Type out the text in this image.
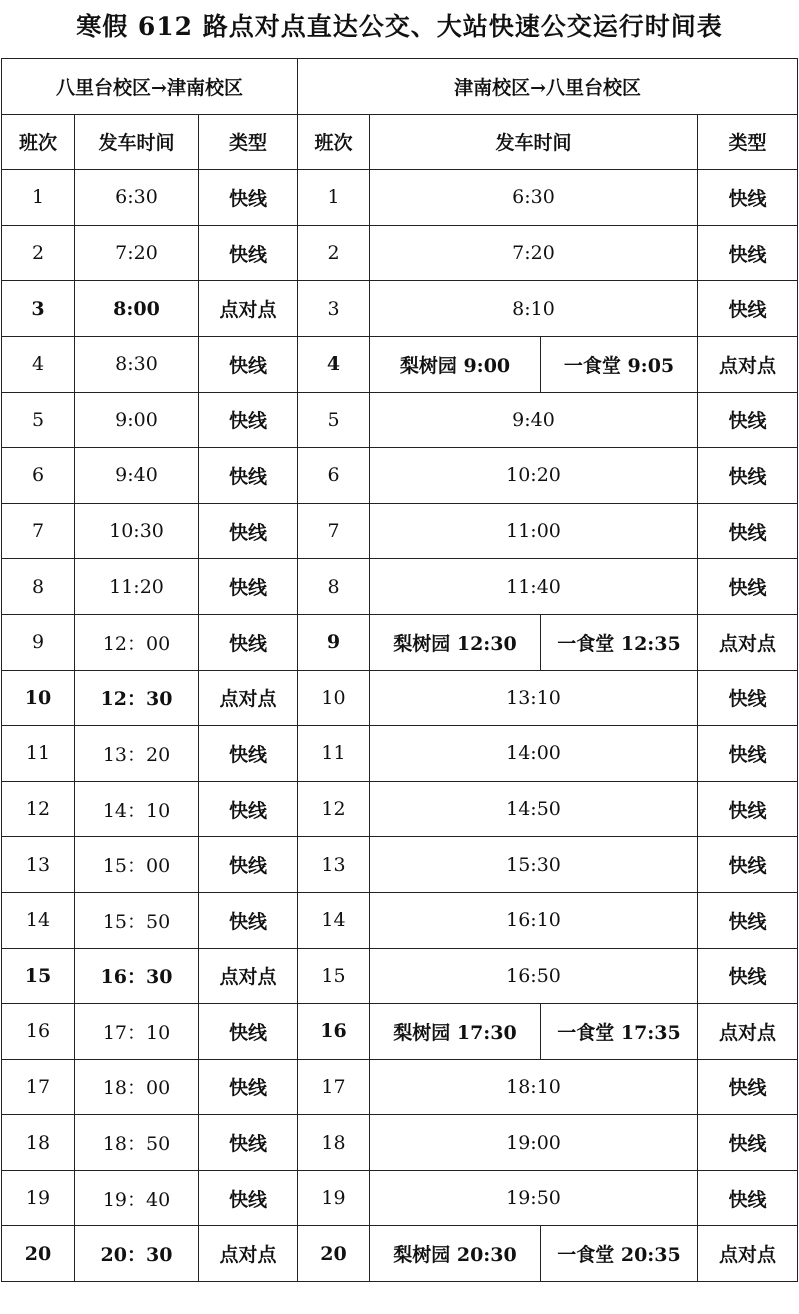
寒假 612 路点对点直达公交、大站快速公交运行时间表
八里台校区→津南校区			津南校区→八里台校区			
班次	发车时间	类型	班次	发车时间		类型
1	6:30	快线	1	6:30		快线
2	7:20	快线	2	7:20		快线
3	8:00	点对点	3	8:10		快线
4	8:30	快线	4	梨树园 9:00	一食堂 9:05	点对点
5	9:00	快线	5	9:40		快线
6	9:40	快线	6	10:20		快线
7	10:30	快线	7	11:00		快线
8	11:20	快线	8	11:40		快线
9	12：00	快线	9	梨树园 12:30	一食堂 12:35	点对点
10	12：30	点对点	10	13:10		快线
11	13：20	快线	11	14:00		快线
12	14：10	快线	12	14:50		快线
13	15：00	快线	13	15:30		快线
14	15：50	快线	14	16:10		快线
15	16：30	点对点	15	16:50		快线
16	17：10	快线	16	梨树园 17:30	一食堂 17:35	点对点
17	18：00	快线	17	18:10		快线
18	18：50	快线	18	19:00		快线
19	19：40	快线	19	19:50		快线
20	20：30	点对点	20	梨树园 20:30	一食堂 20:35	点对点
